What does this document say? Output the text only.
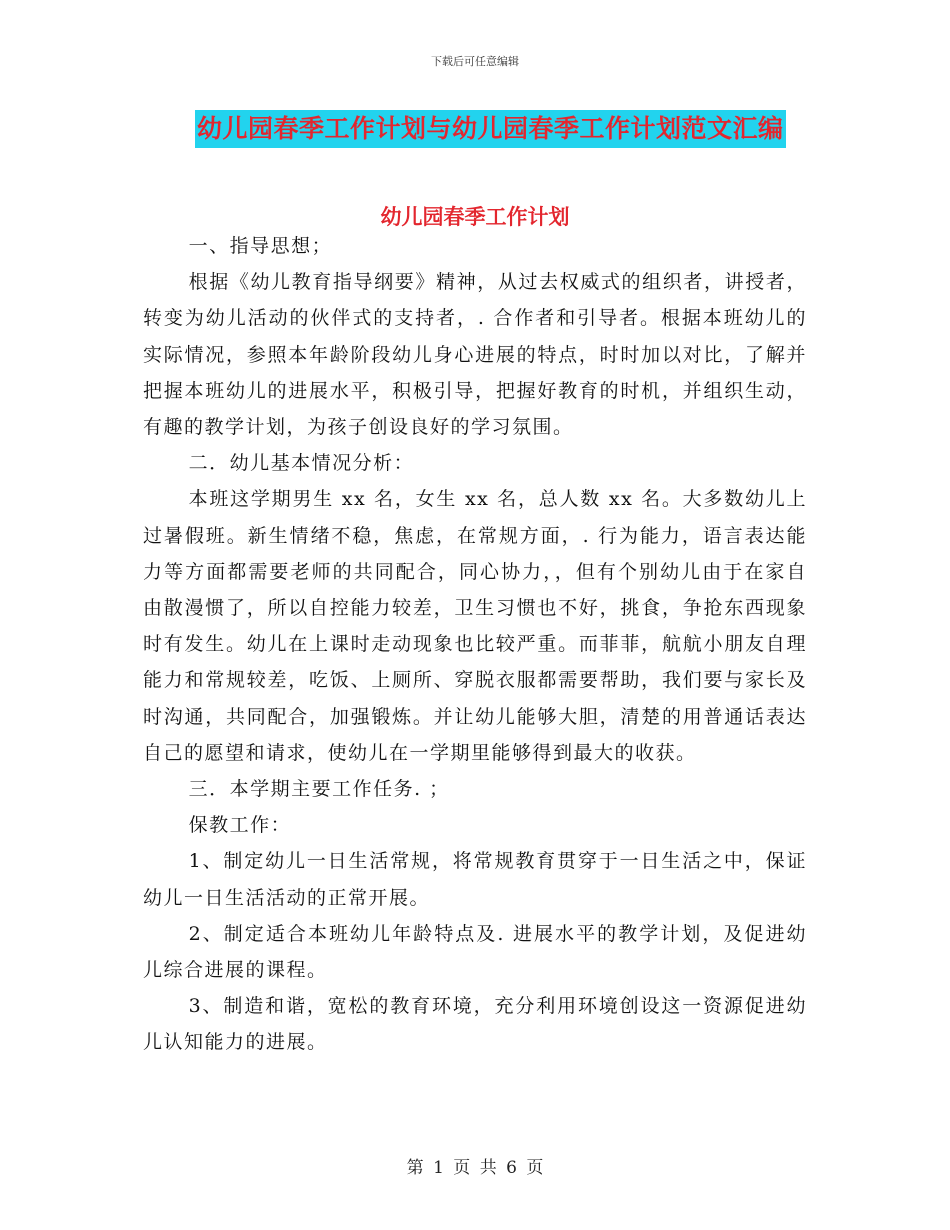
下载后可任意编辑
幼儿园春季工作计划与幼儿园春季工作计划范文汇编
幼儿园春季工作计划

一、指导思想；

根据《幼儿教育指导纲要》精神，从过去权威式的组织者，讲授者，转变为幼儿活动的伙伴式的支持者，. 合作者和引导者。根据本班幼儿的实际情况，参照本年龄阶段幼儿身心进展的特点，时时加以对比，了解并把握本班幼儿的进展水平，积极引导，把握好教育的时机，并组织生动，有趣的教学计划，为孩子创设良好的学习氛围。

二．幼儿基本情况分析：

本班这学期男生 xx 名，女生 xx 名，总人数 xx 名。大多数幼儿上过暑假班。新生情绪不稳，焦虑，在常规方面，. 行为能力，语言表达能力等方面都需要老师的共同配合，同心协力，，但有个别幼儿由于在家自由散漫惯了，所以自控能力较差，卫生习惯也不好，挑食，争抢东西现象时有发生。幼儿在上课时走动现象也比较严重。而菲菲，航航小朋友自理能力和常规较差，吃饭、上厕所、穿脱衣服都需要帮助，我们要与家长及时沟通，共同配合，加强锻炼。并让幼儿能够大胆，清楚的用普通话表达自己的愿望和请求，使幼儿在一学期里能够得到最大的收获。

三．本学期主要工作任务. ；

保教工作：

1、制定幼儿一日生活常规，将常规教育贯穿于一日生活之中，保证幼儿一日生活活动的正常开展。

2、制定适合本班幼儿年龄特点及. 进展水平的教学计划，及促进幼儿综合进展的课程。

3、制造和谐，宽松的教育环境，充分利用环境创设这一资源促进幼儿认知能力的进展。

第 1 页 共 6 页
